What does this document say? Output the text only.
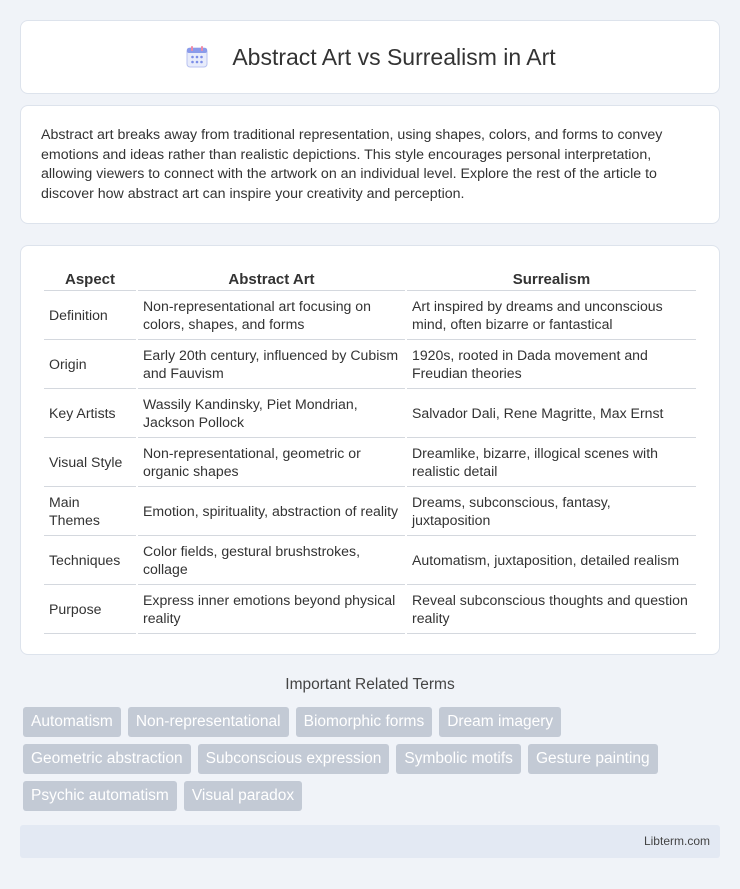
Abstract Art vs Surrealism in Art

Abstract art breaks away from traditional representation, using shapes, colors, and forms to convey emotions and ideas rather than realistic depictions. This style encourages personal interpretation, allowing viewers to connect with the artwork on an individual level. Explore the rest of the article to discover how abstract art can inspire your creativity and perception.

Aspect	Abstract Art	Surrealism
Definition	Non-representational art focusing on colors, shapes, and forms	Art inspired by dreams and unconscious mind, often bizarre or fantastical
Origin	Early 20th century, influenced by Cubism and Fauvism	1920s, rooted in Dada movement and Freudian theories
Key Artists	Wassily Kandinsky, Piet Mondrian, Jackson Pollock	Salvador Dali, Rene Magritte, Max Ernst
Visual Style	Non-representational, geometric or organic shapes	Dreamlike, bizarre, illogical scenes with realistic detail
Main Themes	Emotion, spirituality, abstraction of reality	Dreams, subconscious, fantasy, juxtaposition
Techniques	Color fields, gestural brushstrokes, collage	Automatism, juxtaposition, detailed realism
Purpose	Express inner emotions beyond physical reality	Reveal subconscious thoughts and question reality
Important Related Terms
Automatism	Non-representational	Biomorphic forms	Dream imagery
Geometric abstraction	Subconscious expression	Symbolic motifs	Gesture painting
Psychic automatism	Visual paradox
Libterm.com
